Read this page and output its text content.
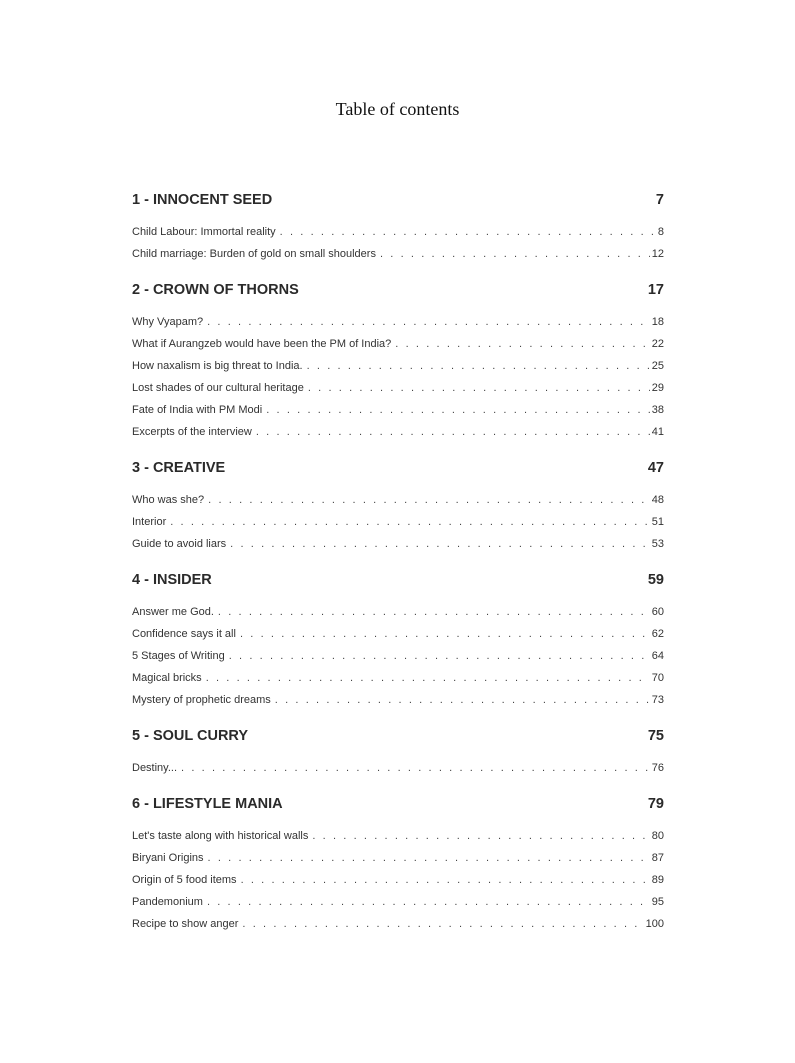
Table of contents
1 - INNOCENT SEED	7
Child Labour: Immortal reality . . .	8
Child marriage: Burden of gold on small shoulders . . .	12
2 - CROWN OF THORNS	17
Why Vyapam? . . .	18
What if Aurangzeb would have been the PM of India? . . .	22
How naxalism is big threat to India. . . .	25
Lost shades of our cultural heritage . . .	29
Fate of India with PM Modi . . .	38
Excerpts of the interview . . .	41
3 - CREATIVE	47
Who was she? . . .	48
Interior . . .	51
Guide to avoid liars . . .	53
4 - INSIDER	59
Answer me God. . . .	60
Confidence says it all . . .	62
5 Stages of Writing . . .	64
Magical bricks . . .	70
Mystery of prophetic dreams . . .	73
5 - SOUL CURRY	75
Destiny... . . .	76
6 - LIFESTYLE MANIA	79
Let's taste along with historical walls . . .	80
Biryani Origins . . .	87
Origin of 5 food items . . .	89
Pandemonium . . .	95
Recipe to show anger . . .	100
